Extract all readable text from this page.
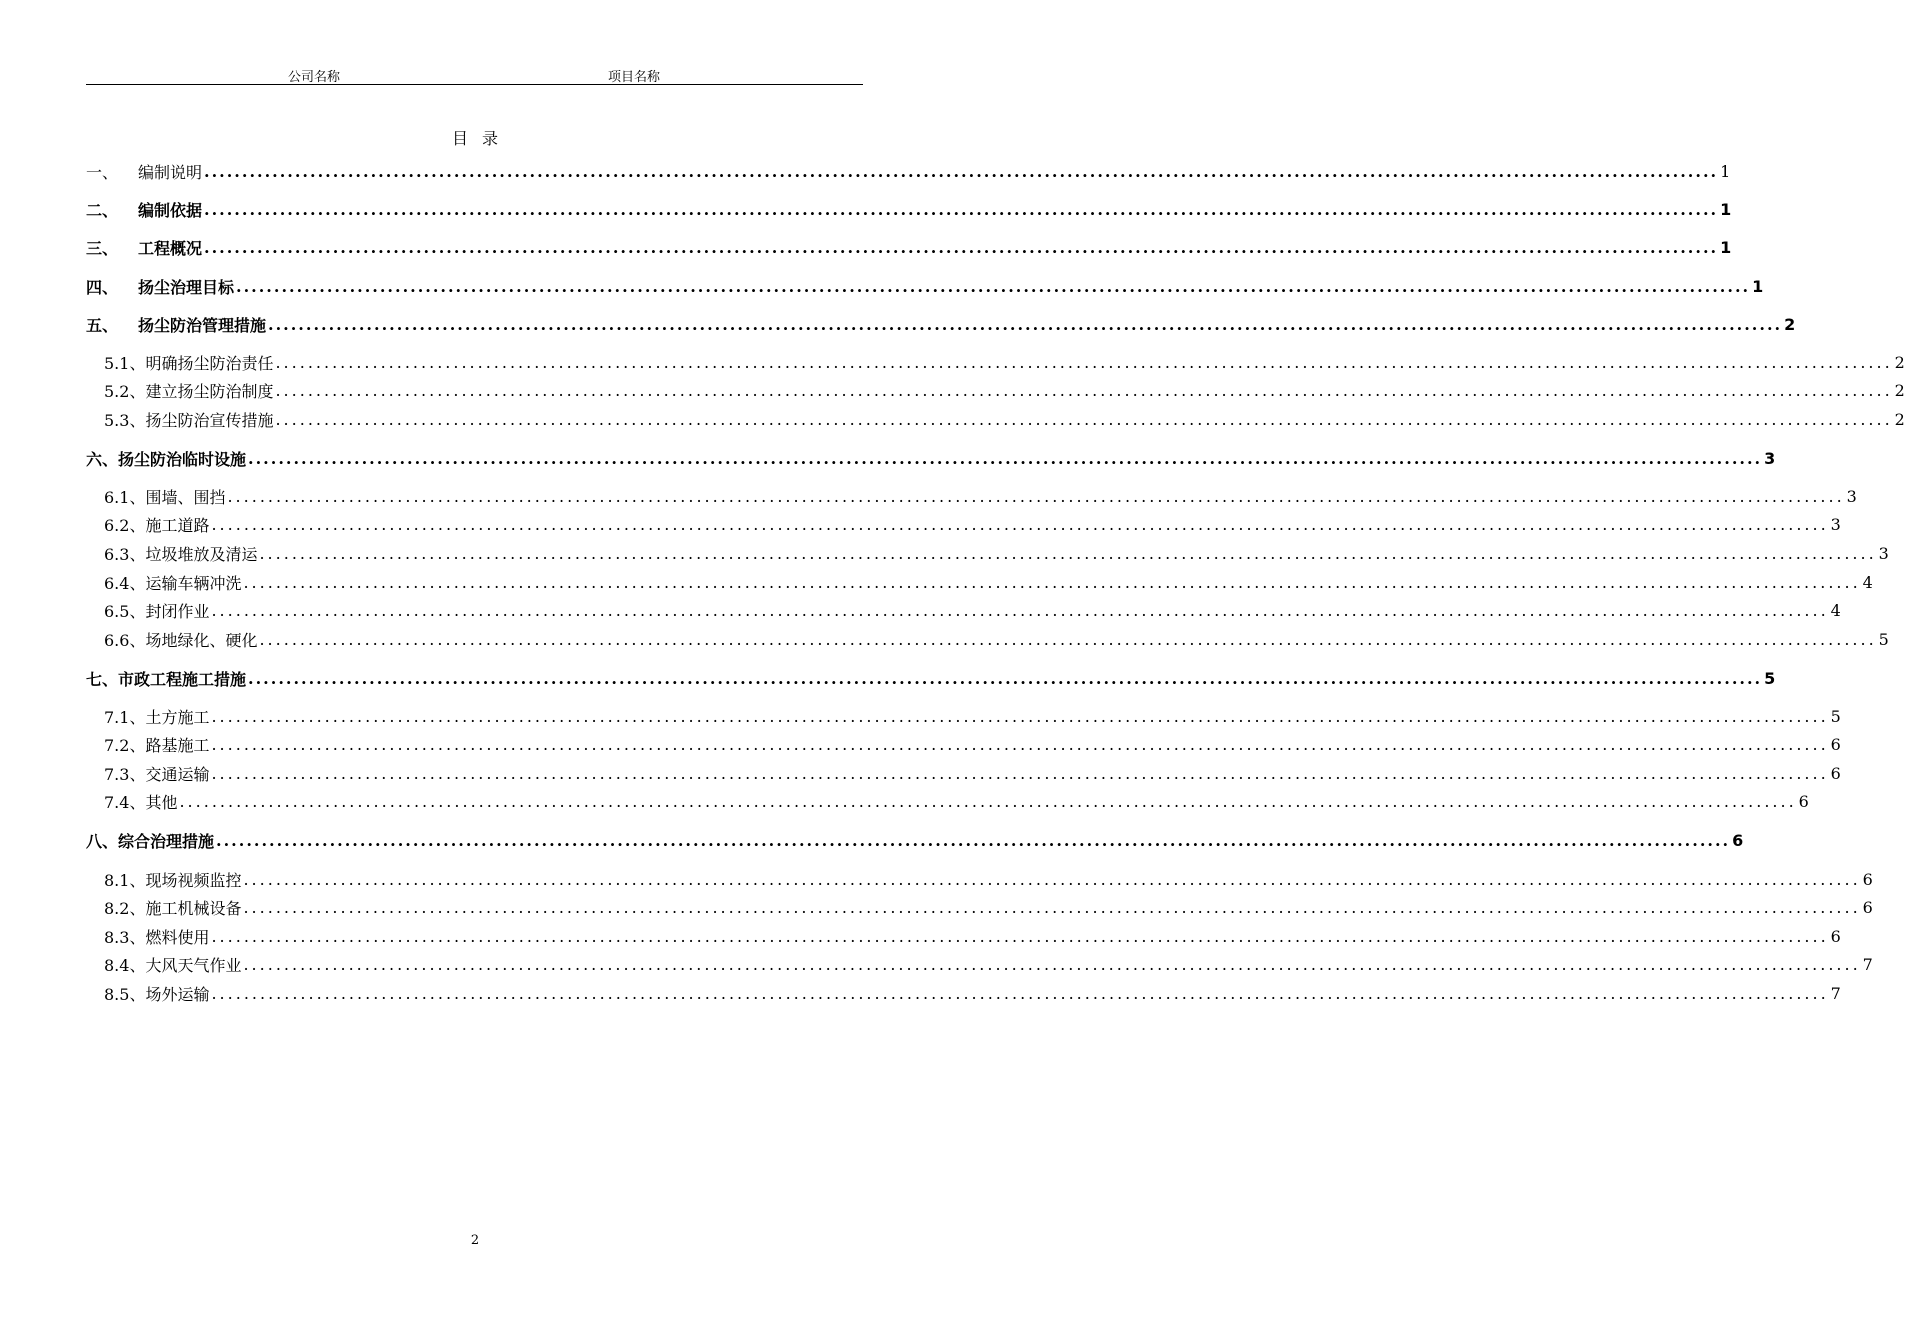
公司名称	项目名称
目录
一、	编制说明 ........................................................................................................................................................................................................ 1
二、	编制依据 ........................................................................................................................................................................................................ 1
三、	工程概况 ........................................................................................................................................................................................................ 1
四、	扬尘治理目标 ........................................................................................................................................................................................................ 1
五、	扬尘防治管理措施 ........................................................................................................................................................................................................ 2
5.1、 明确扬尘防治责任 ........................................................................................................................................................................................................ 2
5.2、 建立扬尘防治制度 ........................................................................................................................................................................................................ 2
5.3、 扬尘防治宣传措施 ........................................................................................................................................................................................................ 2
六、 扬尘防治临时设施 ........................................................................................................................................................................................................ 3
6.1、 围墙、围挡 ........................................................................................................................................................................................................ 3
6.2、 施工道路 ........................................................................................................................................................................................................ 3
6.3、 垃圾堆放及清运 ........................................................................................................................................................................................................ 3
6.4、 运输车辆冲洗 ........................................................................................................................................................................................................ 4
6.5、 封闭作业 ........................................................................................................................................................................................................ 4
6.6、 场地绿化、硬化 ........................................................................................................................................................................................................ 5
七、 市政工程施工措施 ........................................................................................................................................................................................................ 5
7.1、 土方施工 ........................................................................................................................................................................................................ 5
7.2、 路基施工 ........................................................................................................................................................................................................ 6
7.3、 交通运输 ........................................................................................................................................................................................................ 6
7.4、 其他 ........................................................................................................................................................................................................ 6
八、 综合治理措施 ........................................................................................................................................................................................................ 6
8.1、 现场视频监控 ........................................................................................................................................................................................................ 6
8.2、 施工机械设备 ........................................................................................................................................................................................................ 6
8.3、 燃料使用 ........................................................................................................................................................................................................ 6
8.4、 大风天气作业 ........................................................................................................................................................................................................ 7
8.5、 场外运输 ........................................................................................................................................................................................................ 7
2
